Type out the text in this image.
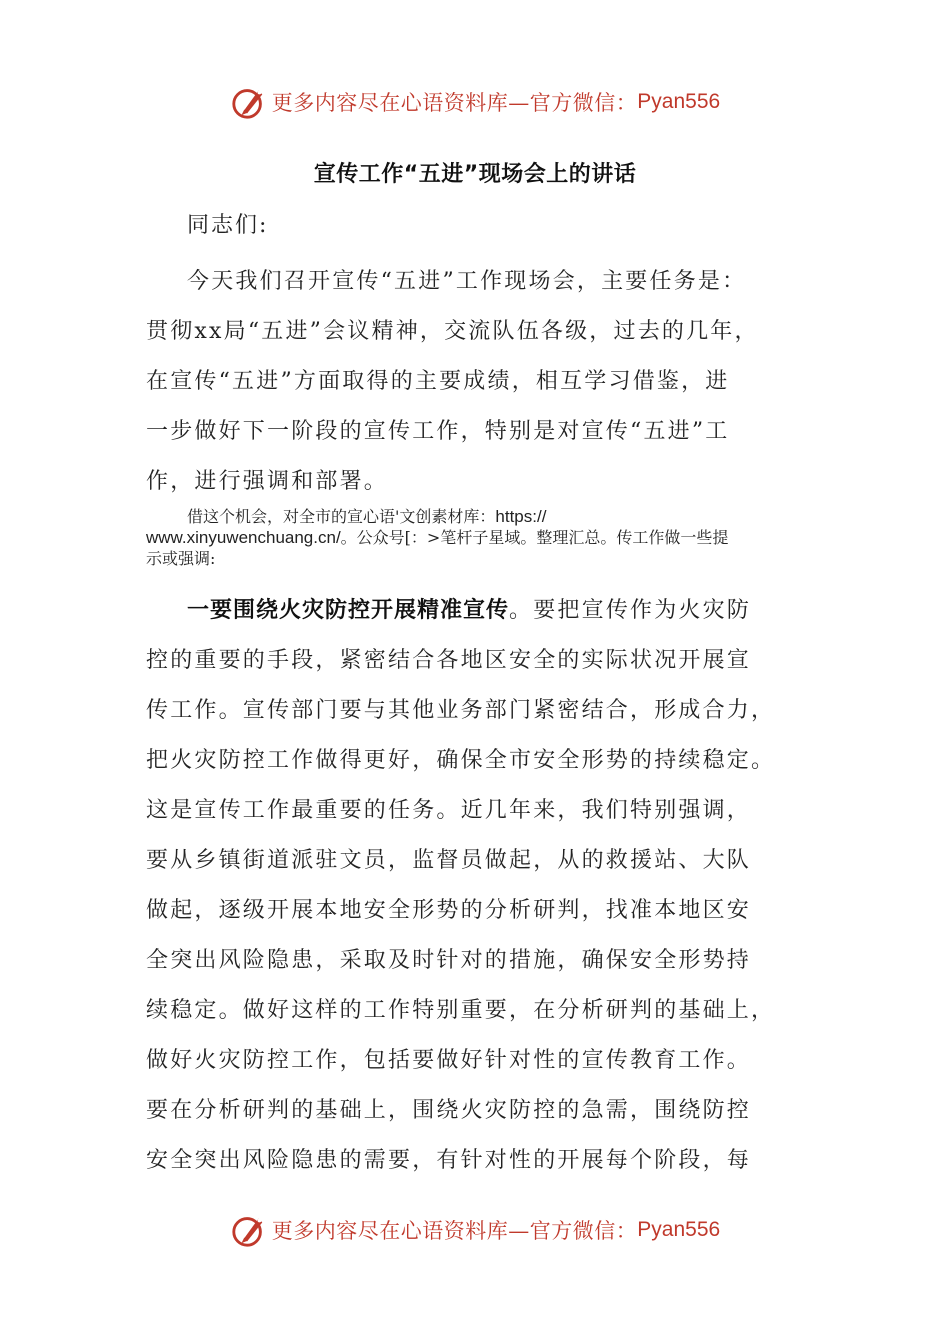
更多内容尽在心语资料库—官方微信： Pyan556
宣传工作“五进”现场会上的讲话
同志们:
今天我们召开宣传“五进”工作现场会，主要任务是：
贯彻xx局“五进”会议精神，交流队伍各级，过去的几年，
在宣传“五进”方面取得的主要成绩，相互学习借鉴，进
一步做好下一阶段的宣传工作，特别是对宣传“五进”工
作，进行强调和部署。
借这个机会，对全市的宣心语'文创素材库：https://
www.xinyuwenchuang.cn/。公众号[：>笔杆子星域。整理汇总。传工作做一些提
示或强调:
一要围绕火灾防控开展精准宣传。要把宣传作为火灾防
控的重要的手段，紧密结合各地区安全的实际状况开展宣
传工作。宣传部门要与其他业务部门紧密结合，形成合力，
把火灾防控工作做得更好，确保全市安全形势的持续稳定。
这是宣传工作最重要的任务。近几年来，我们特别强调，
要从乡镇街道派驻文员，监督员做起，从的救援站、大队
做起，逐级开展本地安全形势的分析研判，找准本地区安
全突出风险隐患，采取及时针对的措施，确保安全形势持
续稳定。做好这样的工作特别重要，在分析研判的基础上，
做好火灾防控工作，包括要做好针对性的宣传教育工作。
要在分析研判的基础上，围绕火灾防控的急需，围绕防控
安全突出风险隐患的需要，有针对性的开展每个阶段，每
更多内容尽在心语资料库—官方微信： Pyan556
